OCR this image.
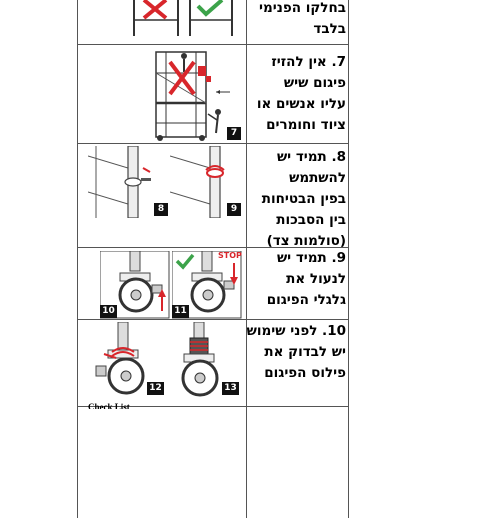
בחלקו הפנימי
בלבד
7. אין להזיז
פיגום שיש
עליו אנשים או
ציוד וחומרים
7
8. תמיד יש
להשתמש
בפין הבטיחות
בין הסבכות
(סולמות צד)
8	9
9. תמיד יש
לנעול את
גלגלי הפיגום
10
STOP
11
10. לפני שימוש
יש לבדוק את
פילוס הפיגום
12	13
Check List
